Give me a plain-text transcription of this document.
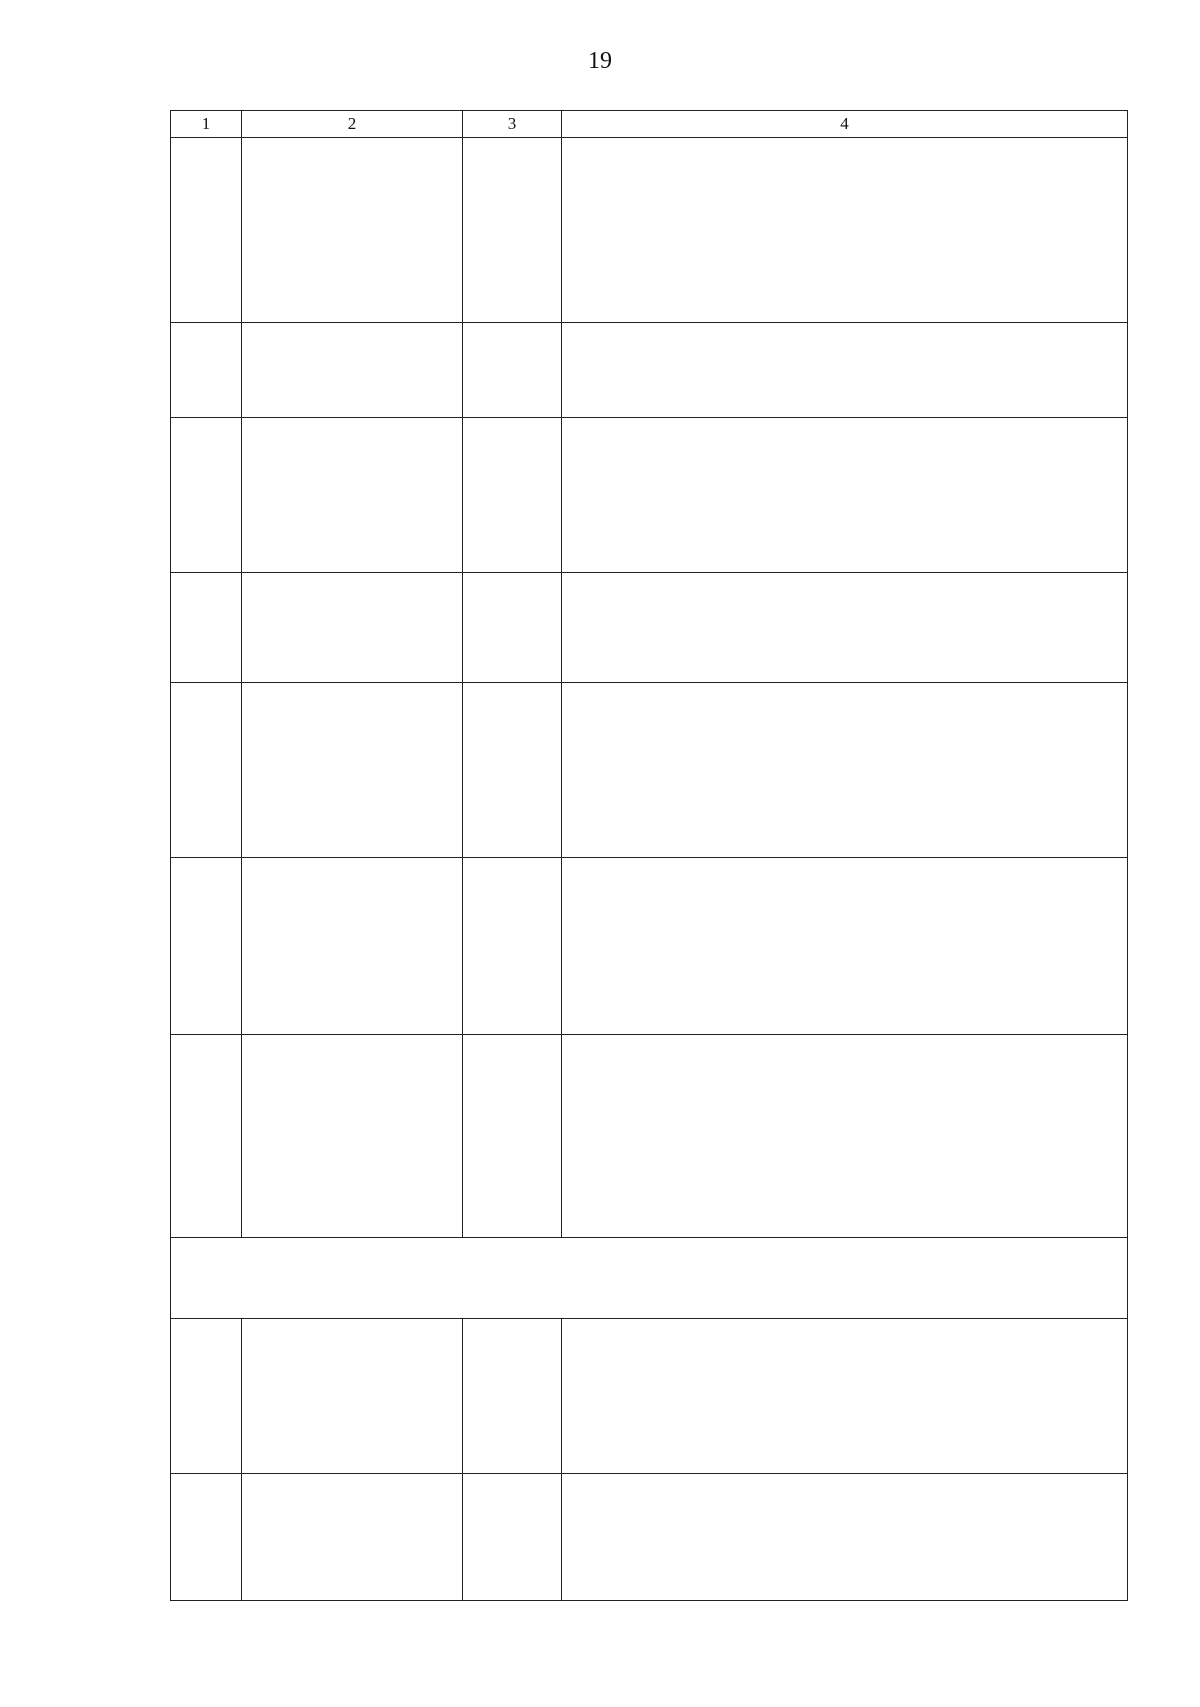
19
1	2	3	4
